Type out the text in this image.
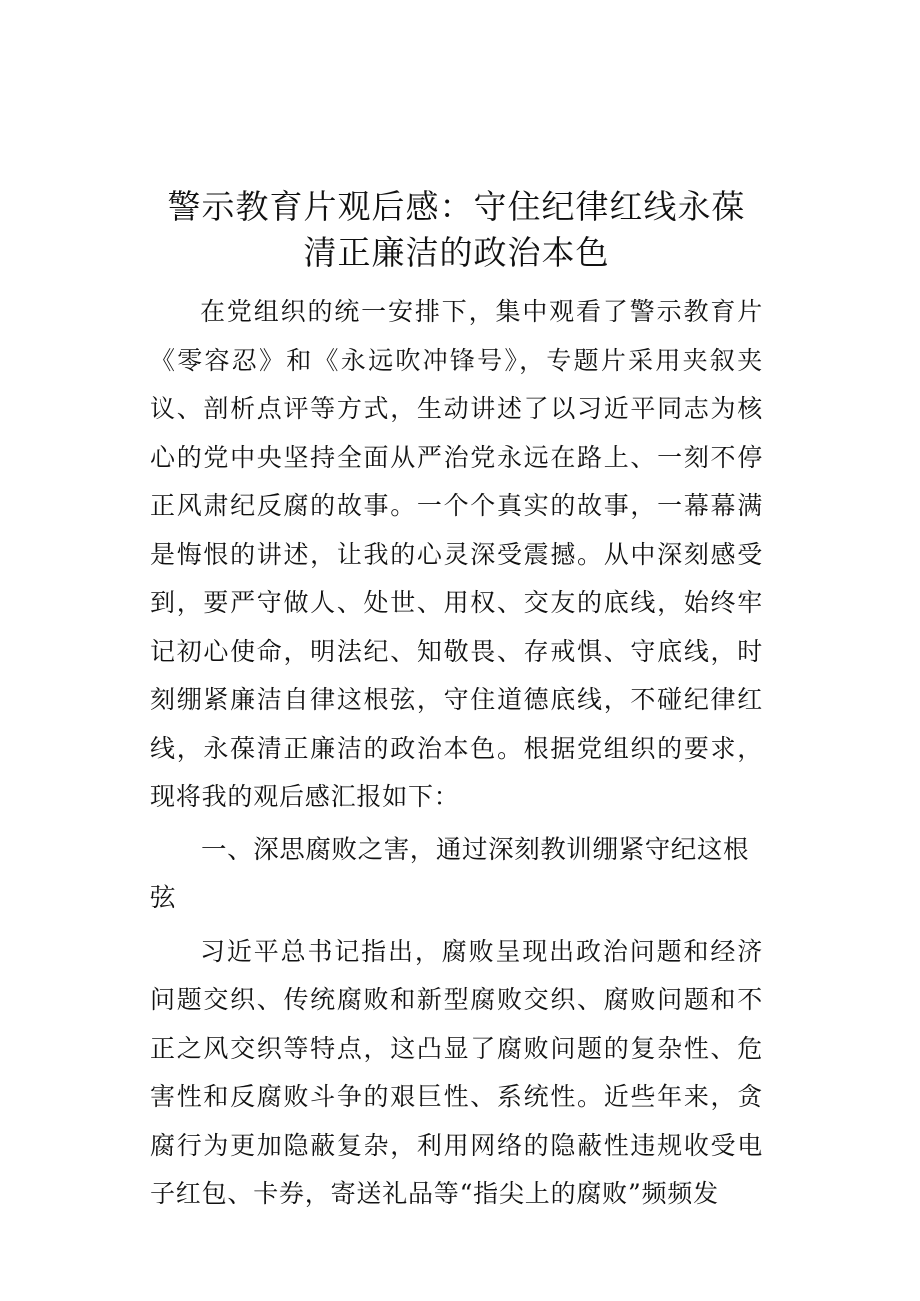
警示教育片观后感：守住纪律红线永葆
清正廉洁的政治本色

在党组织的统一安排下，集中观看了警示教育片《零容忍》和《永远吹冲锋号》，专题片采用夹叙夹议、剖析点评等方式，生动讲述了以习近平同志为核心的党中央坚持全面从严治党永远在路上、一刻不停正风肃纪反腐的故事。一个个真实的故事，一幕幕满是悔恨的讲述，让我的心灵深受震撼。从中深刻感受到，要严守做人、处世、用权、交友的底线，始终牢记初心使命，明法纪、知敬畏、存戒惧、守底线，时刻绷紧廉洁自律这根弦，守住道德底线，不碰纪律红线，永葆清正廉洁的政治本色。根据党组织的要求，现将我的观后感汇报如下：

一、深思腐败之害，通过深刻教训绷紧守纪这根弦

习近平总书记指出，腐败呈现出政治问题和经济问题交织、传统腐败和新型腐败交织、腐败问题和不正之风交织等特点，这凸显了腐败问题的复杂性、危害性和反腐败斗争的艰巨性、系统性。近些年来，贪腐行为更加隐蔽复杂，利用网络的隐蔽性违规收受电子红包、卡券，寄送礼品等“指尖上的腐败”频频发
